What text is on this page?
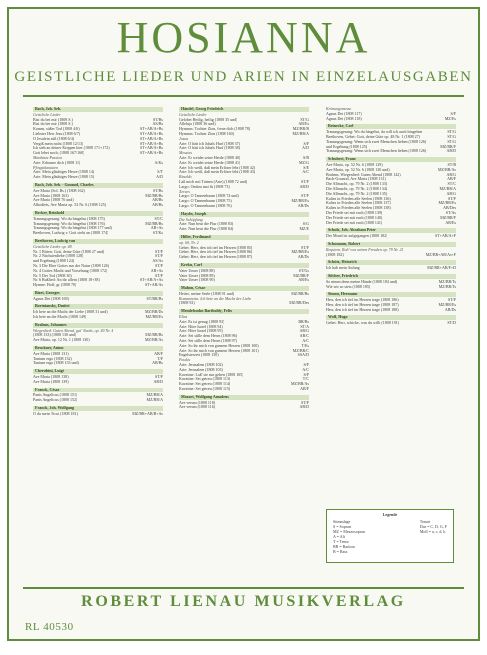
HOSIANNA
GEISTLICHE LIEDER UND ARIEN IN EINZELAUSGABEN
Bach, Joh. Seb.
Geistliche Lieder
Bist du bei mir (1808 S.)	ST/Bs
Bist du bei mir (1808 S.)	AS/Bs
Komm, süßer Tod (1808 4/6)	ST+AB/A+Bs
Liebster Herr Jesu (1808 6/7)	ST+AB/A+Bs
O Jesulein süß (1808 6/4)	ST+AB/A+Bs
Vergiß mein nicht (1808 12/13)	ST+AB/A+Bs
Ich steh an deiner Krippen hier (1808 171+172)	ST+AB/A+Bs
Gott lebet noch, (1808 167/168)	ST+AB/A+Bs
Matthäus-Passion
Arie: Erbarme dich (1808 11)	A/Ks
Pfingstkantaten
Arie: Mein gläubiges Herze (1808 14)	S/T
Arie: Mein gläubiges Herze (1808 15)	A/D
Bach, Joh. Seb. - Gounod, Charles
Ave Maria (Sol. Bs.) (1808 162)	ST/Bs
Ave Maria (1808 163)	MZ/BR/Bs
Ave Maria (1808 76 und)	AB/Bs
Albodiets, Ave Maria op. 52 Nr. 6 (1808 125)	AB/Bs
Becker, Reinhold
Trauungsgesang: Wo du hingehst (1808 175)	ST/C
Trauungsgesang: Wo du hingehst (1808 176)	MZ/BR/Bs
Trauungsgesang: Wo du hingehst (1808 177 und)	AB+As
Beethoven, Ludwig v. Gott steht an (1808 174)	ST/Ks
Beethoven, Ludwig van
Geistliche Lieder op. 48
Nr. 1 Bitten: Gott, deine Güte (1808 27 und)	ST/F
Nr. 2 Nächstenliebe (1808 128)	ST/F
und Ergebung (1808 124)	AS/As
Nr. 3 Die Ehre Gottes aus der Natur (1808 126)	ST/F
Nr. 4 Gottes Macht und Vorsehung (1808 172)	AB+As
Nr. 5 Der Tod (1808 30)	ST/F
Nr. 6 Bußlied: An dir allein (1808 18+38)	ST+AB/A+As
Hymne: Hoff, gr (1808 70)	ST+AB/As
Bizet, Georges
Agnus Dei (1808 169)	ST/BR/Bs
Bortniansky, Dmitri
Ich bete an die Macht der Liebe (1808 31 und)	MZ/BR/Ds
Ich bete an die Macht (1808 149)	MZ/BR/Es
Brahms, Johannes
Wiegenlied: Guten Abend, gut' Nacht, op. 49 Nr. 4
(1808 133) (1808 130 und)	MZ/BR/Bs
Ave Maria, op. 12 Nr. 1 (1808 130)	MZ/BR/As
Bruckner, Anton
Ave Maria (1808 131)	AB/F
Tantum ergo (1808 132)	T/F
Tantum ergo (1808 133 und)	AB/Bs
Cherubini, Luigi
Ave Maria (1808 138)	ST/F
Ave Maria (1808 139)	AB/D
Franck, César
Panis Angelicus (1808 151)	MZ/BR/A
Panis Angelicus (1808 152)	MZ/BR/A
Franck, Joh. Wolfgang
O du mein Trost (1808 181)	MZ/BR+AB/B+As
Händel, Georg Friedrich
Geistliche Lieder
Gelobet Heilig, heilig (1808 35 und)	ST/G
Alleluja (1808 36 und)	AB/Es
Hymnus: Tochter Zion, freue dich (1808 78)	MZ/BR/B
Hymnus: Tochter Zion (1808 160)	MZ/BR/A
Josua
Arie: O hätt ich Jubals Harf (1808 37)	S/F
Arie: O hätt ich Jubals Harf (1808 38)	A/D
Messias
Arie: Er weidet seine Herde (1808 40)	S/B
Arie: Er weidet seine Herde (1808 41)	MZ/G
Arie: Ich weiß, daß mein Erlöser lebt (1808 42)	S/E
Arie: Ich weiß, daß mein Erlöser lebt (1808 43)	A/C
Rinaldo
Laß mich mit Tränen (Arie) (1808 72 und)	ST/F
Largo: Ombra mai fù (1808 73)	AB/D
Xerxes
Largo: O Tannenbaum (1808 74 und)	ST/F
Largo: O Tannenbaum (1808 75)	MZ/BR/Es
Largo: O Tannenbaum (1808 76)	AB/Ds
Haydn, Joseph
Die Schöpfung
Arie: Nun beut die Flur (1808 83)	S/G
Arie: Nun beut die Flur (1808 84)	MZ/E
Hiller, Ferdinand
op. 60, Nr. 2
Gebet: Herr, den ich tief im Herzen (1808 85)	ST/F
Gebet: Herr, den ich tief im Herzen (1808 86)	MZ/BR/Es
Gebet: Herr, den ich tief im Herzen (1808 87)	AB/Ds
Kreku, Carl
Vater Unser (1808 88)	ST/Gs
Vater Unser (1808 89)	MZ/BR/F
Vater Unser (1808 90)	AB/Es
Mahon, César
Heiter, meine Seele (1808 91 und)	MZ/BR/Bs
Romanzetta: Ich bete an die Macht der Liebe
(1808 92)	MZ/BR/Des
Mendelssohn Bartholdy, Felix
Elias
Arie: Es ist genug (1808 93)	BR/Bs
Arie: Höre Israel (1808 94)	ST/A
Arie: Höre Israel (1808 95)	AB/G
Arie: Sei stille dem Herrn (1808 96)	AB/C
Arie: Sei stille dem Herrn (1808 97)	A/C
Arie: So ihr mich von ganzem Herzen (1808 100)	T/Es
Arie: So ihr mich von ganzem Herzen (1808 101)	MZ/BR/C
Engelsterzett (1808 150)	SSA/D
Paulus
Arie: Jerusalem (1808 102)	S/F
Arie: Jerusalem (1808 103)	A/C
Kavatine: Laß' sie nur gehen (1808 105)	S/F
Kavatine: Sei getreu (1808 113)	T/C
Kavatine: Sei getreu (1808 114)	MZ/BR/As
Kavatine: Sei getreu (1808 115)	AB/F
Mozart, Wolfgang Amadeus
Ave verum (1808 118)	ST/F
Ave verum (1808 116)	AB/D
Krönungsmesse
Agnus Dei (1808 117)	S/F
Agnus Dei (1808 118)	MZ/Es
Reinecke, Carl
Trauungsgesang: Wo du hingehst, da will ich auch hingehen	ST/G
Beethoven, Gebet: Gott, deine Güte op. 48 Nr. 1 (1808 27)	ST/G
Trauungsgesang: Wenn sich zwei Menschen lieben (1808 126)	ST/G
und Ergebung (1808 125)	MZ/BR/F
Trauungsgesang: Wenn sich zwei Menschen lieben (1808 126)	AB/D
Schubert, Franz
Ave Maria, op. 52 Nr. 6 (1808 129)	ST/B
Ave Maria, op. 52 Nr. 6 (1808 130 und)	MZ/BR/As
Brahms, Wiegenlied: Guten Abend (1808 142)	AB/G
Bach-Gounod, Ave Maria (1808 131)	AB/F
Die Allmacht, op. 79 Nr. 2 (1808 133)	ST/C
Die Allmacht, op. 79 Nr. 2 (1808 134)	MZ/BR/A
Die Allmacht, op. 79 Nr. 2 (1808 135)	AB/G
Kaltes in Frieden alle Seelen (1808 136)	ST/F
Kaltes in Frieden alle Seelen (1808 137)	MZ/BR/Es
Kaltes in Frieden alle Seelen (1808 138)	AB/Des
Der Friede sei mit euch (1808 139)	ST/As
Der Friede sei mit euch (1808 140)	MZ/BR/F
Der Friede sei mit euch (1808 141)	AB/Es
Schulz, Joh. Abraham Peter
Der Mond ist aufgegangen (1808 182)	ST+AB/A+F
Schumann, Robert
Requiem, Ruh' von seinen Freuden op. 79 Nr. 21
(1808 182)	MZ/BR+AB/As+F
Schütz, Heinrich
Ich hab mein Anfang	MZ/BR+AB/F+D
Silcher, Friedrich
So nimm denn meine Hände (1808 184 und)	MZ/BR/Ts
Wie wir so stets (1808 185)	MZ/BR/Ts
Simon, Hermann
Herr, den ich tief im Herzen trage (1808 186)	ST/F
Herr, den ich tief im Herzen trage (1808 187)	MZ/BR/Es
Herr, den ich tief im Herzen trage (1808 188)	AB/Ds
Wolf, Hugo
Gebet: Herr, schicke, was du willt (1808 191)	ST/D
Legende
Stimmlage
S = Sopran
MZ = Mezzosopran
A = Alt
T = Tenor
BR = Bariton
B = Bass
Tonart
Dur = C, D, G, F
Moll = a, c, d, h
ROBERT LIENAU MUSIKVERLAG
RL 40530
